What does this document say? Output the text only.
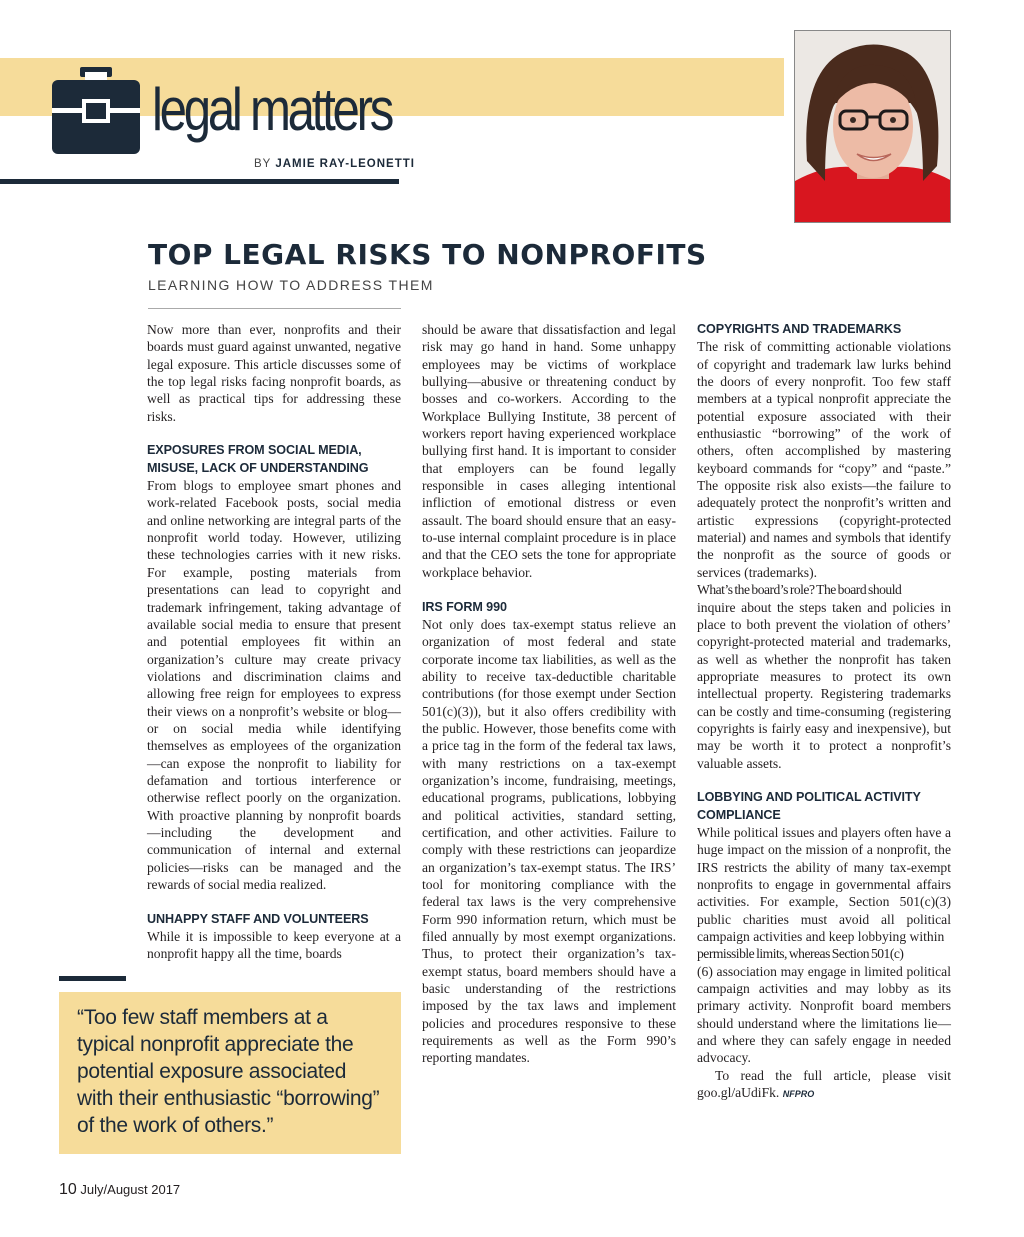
legal matters
BY JAMIE RAY-LEONETTI
TOP LEGAL RISKS TO NONPROFITS
LEARNING HOW TO ADDRESS THEM

Now more than ever, nonprofits and their boards must guard against unwanted, negative legal exposure. This article discusses some of the top legal risks facing nonprofit boards, as well as practical tips for addressing these risks.

EXPOSURES FROM SOCIAL MEDIA, MISUSE, LACK OF UNDERSTANDING

From blogs to employee smart phones and work-related Facebook posts, social media and online networking are integral parts of the nonprofit world today. However, utilizing these technologies carries with it new risks. For example, posting materials from presentations can lead to copyright and trademark infringement, taking advantage of available social media to ensure that present and potential employees fit within an organization’s culture may create privacy violations and discrimination claims and allowing free reign for employees to express their views on a nonprofit’s website or blog—or on social media while identifying themselves as employees of the organization—can expose the nonprofit to liability for defamation and tortious interference or otherwise reflect poorly on the organization. With proactive planning by nonprofit boards—including the development and communication of internal and external policies—risks can be managed and the rewards of social media realized.

UNHAPPY STAFF AND VOLUNTEERS

While it is impossible to keep everyone at a nonprofit happy all the time, boards

should be aware that dissatisfaction and legal risk may go hand in hand. Some unhappy employees may be victims of workplace bullying—abusive or threatening conduct by bosses and co-workers. According to the Workplace Bullying Institute, 38 percent of workers report having experienced workplace bullying first hand. It is important to consider that employers can be found legally responsible in cases alleging intentional infliction of emotional distress or even assault. The board should ensure that an easy-to-use internal complaint procedure is in place and that the CEO sets the tone for appropriate workplace behavior.

IRS FORM 990

Not only does tax-exempt status relieve an organization of most federal and state corporate income tax liabilities, as well as the ability to receive tax-deductible charitable contributions (for those exempt under Section 501(c)(3)), but it also offers credibility with the public. However, those benefits come with a price tag in the form of the federal tax laws, with many restrictions on a tax-exempt organization’s income, fundraising, meetings, educational programs, publications, lobbying and political activities, standard setting, certification, and other activities. Failure to comply with these restrictions can jeopardize an organization’s tax-exempt status. The IRS’ tool for monitoring compliance with the federal tax laws is the very comprehensive Form 990 information return, which must be filed annually by most exempt organizations. Thus, to protect their organization’s tax-exempt status, board members should have a basic understanding of the restrictions imposed by the tax laws and implement policies and procedures responsive to these requirements as well as the Form 990’s reporting mandates.

COPYRIGHTS AND TRADEMARKS

The risk of committing actionable violations of copyright and trademark law lurks behind the doors of every nonprofit. Too few staff members at a typical nonprofit appreciate the potential exposure associated with their enthusiastic “borrowing” of the work of others, often accomplished by mastering keyboard commands for “copy” and “paste.” The opposite risk also exists—the failure to adequately protect the nonprofit’s written and artistic expressions (copyright-protected material) and names and symbols that identify the nonprofit as the source of goods or services (trademarks).

What’s the board’s role? The board should

inquire about the steps taken and policies in place to both prevent the violation of others’ copyright-protected material and trademarks, as well as whether the nonprofit has taken appropriate measures to protect its own intellectual property. Registering trademarks can be costly and time-consuming (registering copyrights is fairly easy and inexpensive), but may be worth it to protect a nonprofit’s valuable assets.

LOBBYING AND POLITICAL ACTIVITY COMPLIANCE

While political issues and players often have a huge impact on the mission of a nonprofit, the IRS restricts the ability of many tax-exempt nonprofits to engage in governmental affairs activities. For example, Section 501(c)(3) public charities must avoid all political campaign activities and keep lobbying within

permissible limits, whereas Section 501(c)

(6) association may engage in limited political campaign activities and may lobby as its primary activity. Nonprofit board members should understand where the limitations lie—and where they can safely engage in needed advocacy.

To read the full article, please visit goo.gl/aUdiFk. NFPRO

“Too few staff members at a typical nonprofit appreciate the potential exposure associated with their enthusiastic “borrowing” of the work of others.”
10 July/August 2017
